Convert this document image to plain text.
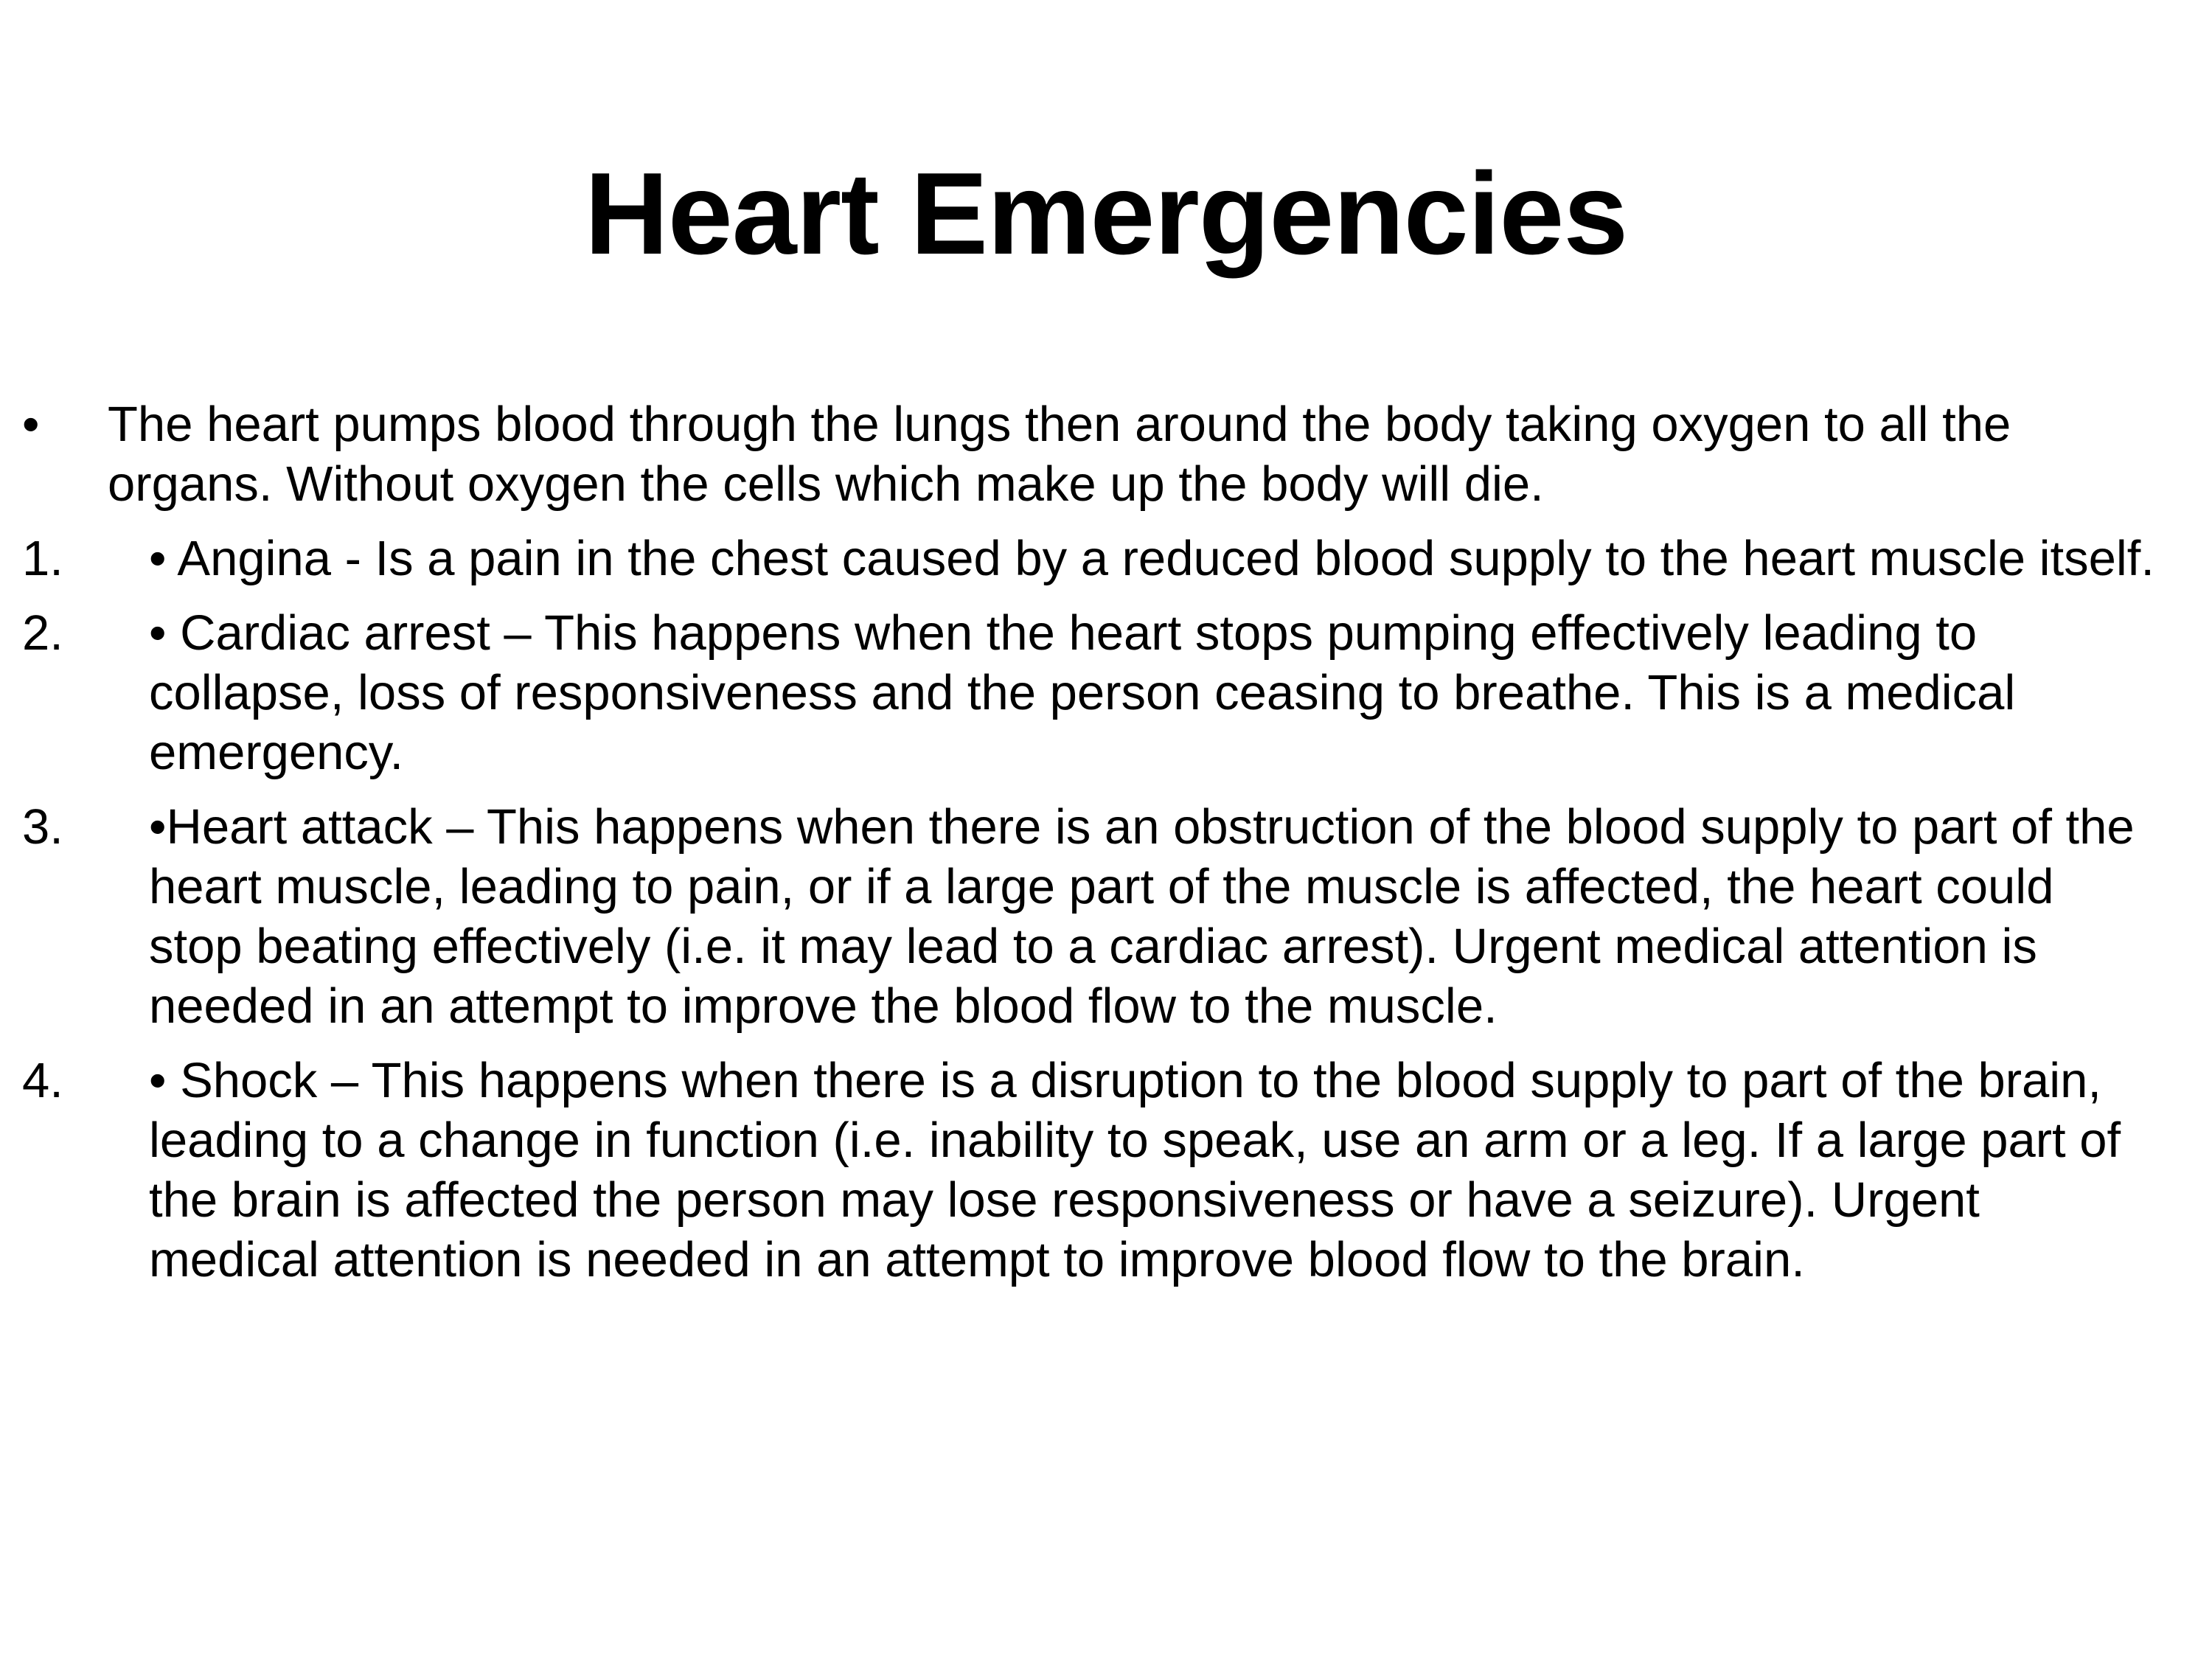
Heart Emergencies
•	The heart pumps blood through the lungs then around the body taking oxygen to all the organs. Without oxygen the cells which make up the body will die.
1.	• Angina - Is a pain in the chest caused by a reduced blood supply to the heart muscle itself.
2.	• Cardiac arrest – This happens when the heart stops pumping effectively leading to collapse, loss of responsiveness and the person ceasing to breathe. This is a medical emergency.
3.	•Heart attack – This happens when there is an obstruction of the blood supply to part of the heart muscle, leading to pain, or if a large part of the muscle is affected, the heart could stop beating effectively (i.e. it may lead to a cardiac arrest). Urgent medical attention is needed in an attempt to improve the blood flow to the muscle.
4.	• Shock – This happens when there is a disruption to the blood supply to part of the brain, leading to a change in function (i.e. inability to speak, use an arm or a leg. If a large part of the brain is affected the person may lose responsiveness or have a seizure). Urgent medical attention is needed in an attempt to improve blood flow to the brain.
